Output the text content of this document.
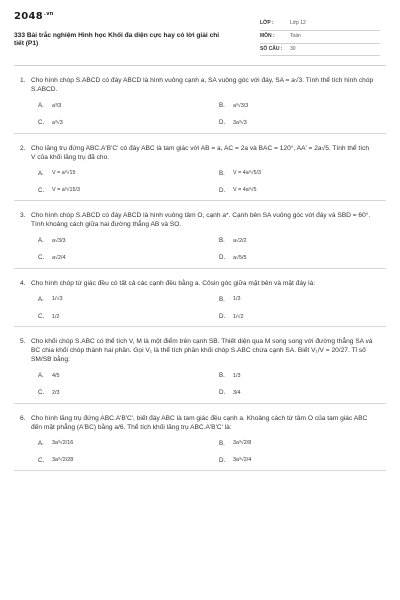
$2048^{.vn}$
333 Bài trắc nghiệm Hình học Khối đa diện cực hay có lời giải chi tiết (P1)
LỚP :	Lớp 12
MÔN :	Toán
SỐ CÂU :	30
1. Cho hình chóp S.ABCD có đáy ABCD là hình vuông cạnh a, SA vuông góc với đáy, SA = a√3. Tính thể tích hình chóp S.ABCD.
A.	a³/3	B.	a³√3/3
C.	a³√3	D.	3a³√3
2. Cho lăng trụ đứng ABC.A'B'C' có đáy ABC là tam giác với AB = a, AC = 2a và BAC = 120°, AA' = 2a√5. Tính thể tích V của khối lăng trụ đã cho.
A.	V = a³√15	B.	V = 4a³√5/3
C.	V = a³√15/3	D.	V = 4a³√5
3. Cho hình chóp S.ABCD có đáy ABCD là hình vuông tâm O, cạnh a*. Cạnh bên SA vuông góc với đáy và SBD = 60°. Tính khoảng cách giữa hai đường thẳng AB và SO.
A.	a√3/3	B.	a√2/2
C.	a√2/4	D.	a√5/5
4. Cho hình chóp tứ giác đều có tất cả các cạnh đều bằng a. Côsin góc giữa mặt bên và mặt đáy là:
A.	1/√3	B.	1/3
C.	1/2	D.	1/√2
5. Cho khối chóp S.ABC có thể tích V, M là một điểm trên cạnh SB. Thiết diện qua M song song với đường thẳng SA và BC chia khối chóp thành hai phần. Gọi V₁ là thể tích phần khối chóp S.ABC chứa cạnh SA. Biết V₁/V = 20/27. Tỉ số SM/SB bằng:
A.	4/5	B.	1/3
C.	2/3	D.	3/4
6. Cho hình lăng trụ đứng ABC.A'B'C', biết đáy ABC là tam giác đều cạnh a. Khoảng cách từ tâm O của tam giác ABC đến mặt phẳng (A'BC) bằng a/6. Thể tích khối lăng trụ ABC.A'B'C' là:
A.	3a³√2/16	B.	3a³√2/8
C.	3a³√2/28	D.	3a³√2/4
